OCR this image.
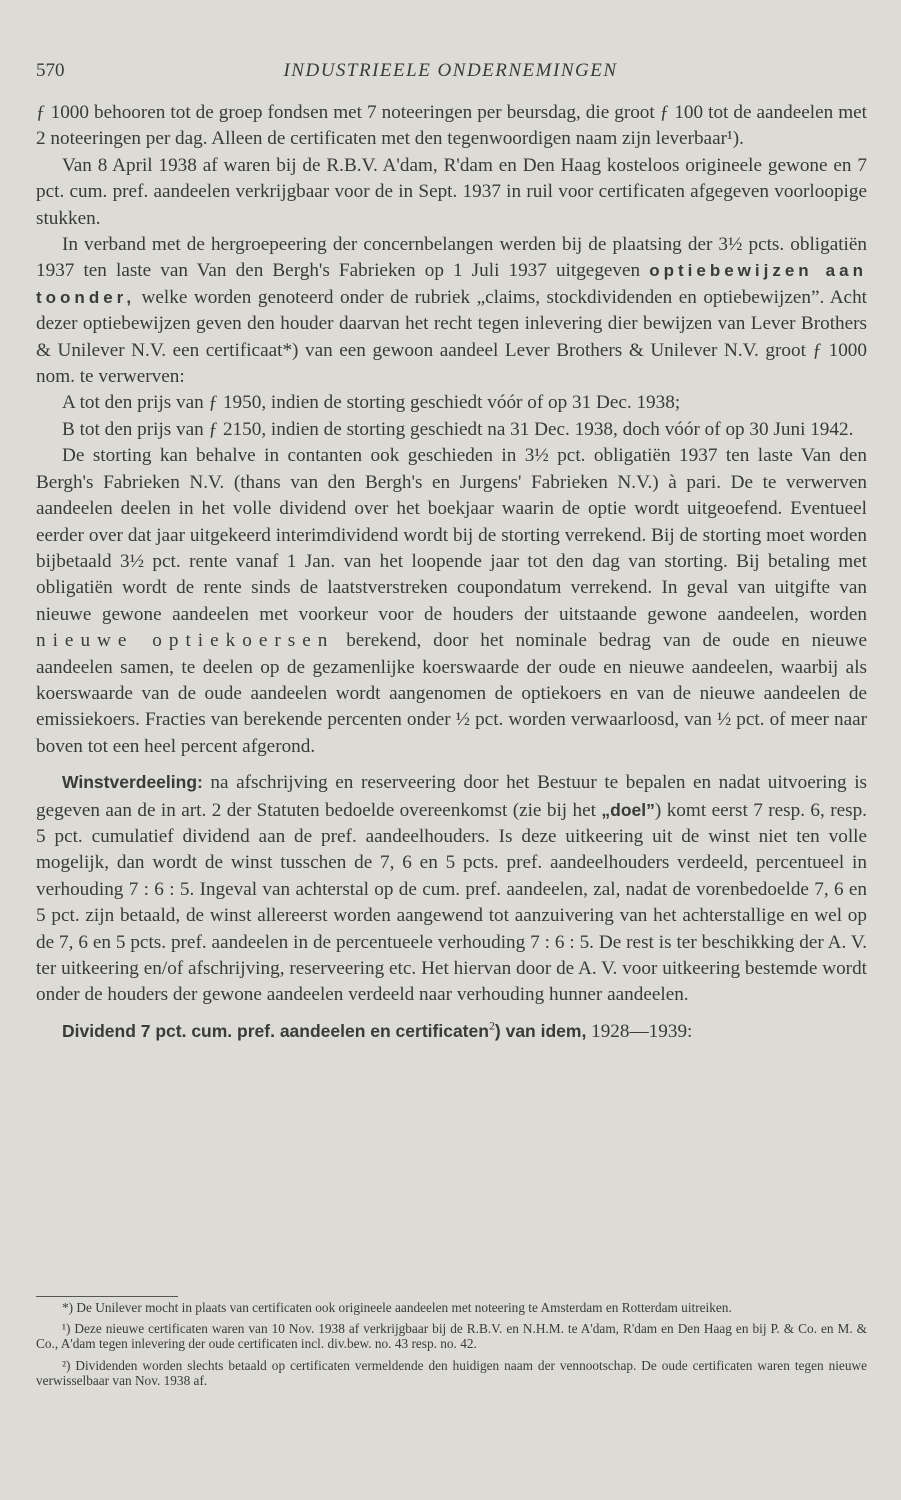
570	INDUSTRIEELE ONDERNEMINGEN

ƒ 1000 behooren tot de groep fondsen met 7 noteeringen per beursdag, die groot ƒ 100 tot de aandeelen met 2 noteeringen per dag. Alleen de certificaten met den tegenwoordigen naam zijn leverbaar¹).

Van 8 April 1938 af waren bij de R.B.V. A'dam, R'dam en Den Haag kosteloos origineele gewone en 7 pct. cum. pref. aandeelen verkrijgbaar voor de in Sept. 1937 in ruil voor certificaten afgegeven voorloopige stukken.

In verband met de hergroepeering der concernbelangen werden bij de plaatsing der 3½ pcts. obligatiën 1937 ten laste van Van den Bergh's Fabrieken op 1 Juli 1937 uitgegeven optiebewijzen aan toonder, welke worden genoteerd onder de rubriek „claims, stockdividenden en optiebewijzen”. Acht dezer optiebewijzen geven den houder daarvan het recht tegen inlevering dier bewijzen van Lever Brothers & Unilever N.V. een certificaat*) van een gewoon aandeel Lever Brothers & Unilever N.V. groot ƒ 1000 nom. te verwerven:

A tot den prijs van ƒ 1950, indien de storting geschiedt vóór of op 31 Dec. 1938;

B tot den prijs van ƒ 2150, indien de storting geschiedt na 31 Dec. 1938, doch vóór of op 30 Juni 1942.

De storting kan behalve in contanten ook geschieden in 3½ pct. obligatiën 1937 ten laste Van den Bergh's Fabrieken N.V. (thans van den Bergh's en Jurgens' Fabrieken N.V.) à pari. De te verwerven aandeelen deelen in het volle dividend over het boekjaar waarin de optie wordt uitgeoefend. Eventueel eerder over dat jaar uitgekeerd interimdividend wordt bij de storting verrekend. Bij de storting moet worden bijbetaald 3½ pct. rente vanaf 1 Jan. van het loopende jaar tot den dag van storting. Bij betaling met obligatiën wordt de rente sinds de laatstverstreken coupondatum verrekend. In geval van uitgifte van nieuwe gewone aandeelen met voorkeur voor de houders der uitstaande gewone aandeelen, worden nieuwe optiekoersen berekend, door het nominale bedrag van de oude en nieuwe aandeelen samen, te deelen op de gezamenlijke koerswaarde der oude en nieuwe aandeelen, waarbij als koerswaarde van de oude aandeelen wordt aangenomen de optiekoers en van de nieuwe aandeelen de emissiekoers. Fracties van berekende percenten onder ½ pct. worden verwaarloosd, van ½ pct. of meer naar boven tot een heel percent afgerond.

Winstverdeeling: na afschrijving en reserveering door het Bestuur te bepalen en nadat uitvoering is gegeven aan de in art. 2 der Statuten bedoelde overeenkomst (zie bij het „doel”) komt eerst 7 resp. 6, resp. 5 pct. cumulatief dividend aan de pref. aandeelhouders. Is deze uitkeering uit de winst niet ten volle mogelijk, dan wordt de winst tusschen de 7, 6 en 5 pcts. pref. aandeelhouders verdeeld, percentueel in verhouding 7 : 6 : 5. Ingeval van achterstal op de cum. pref. aandeelen, zal, nadat de vorenbedoelde 7, 6 en 5 pct. zijn betaald, de winst allereerst worden aangewend tot aanzuivering van het achterstallige en wel op de 7, 6 en 5 pcts. pref. aandeelen in de percentueele verhouding 7 : 6 : 5. De rest is ter beschikking der A. V. ter uitkeering en/of afschrijving, reserveering etc. Het hiervan door de A. V. voor uitkeering bestemde wordt onder de houders der gewone aandeelen verdeeld naar verhouding hunner aandeelen.

Dividend 7 pct. cum. pref. aandeelen en certificaten$^2$) van idem, 1928—1939:

*) De Unilever mocht in plaats van certificaten ook origineele aandeelen met noteering te Amsterdam en Rotterdam uitreiken.

¹) Deze nieuwe certificaten waren van 10 Nov. 1938 af verkrijgbaar bij de R.B.V. en N.H.M. te A'dam, R'dam en Den Haag en bij P. & Co. en M. & Co., A'dam tegen inlevering der oude certificaten incl. div.bew. no. 43 resp. no. 42.

²) Dividenden worden slechts betaald op certificaten vermeldende den huidigen naam der vennootschap. De oude certificaten waren tegen nieuwe verwisselbaar van Nov. 1938 af.
